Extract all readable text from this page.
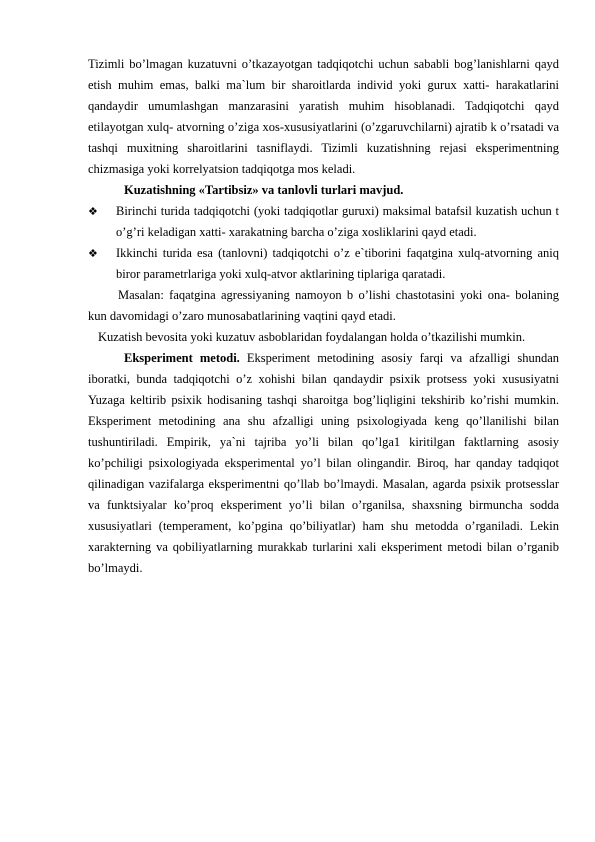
Tizimli bo’lmagan kuzatuvni o’tkazayotgan tadqiqotchi uchun sababli bog’lanishlarni qayd etish muhim emas, balki ma`lum bir sharoitlarda individ yoki gurux xatti- harakatlarini qandaydir umumlashgan manzarasini yaratish muhim hisoblanadi. Tadqiqotchi qayd etilayotgan xulq- atvorning o’ziga xos-xususiyatlarini (o’zgaruvchilarni) ajratib k o’rsatadi va tashqi muxitning sharoitlarini tasniflaydi. Tizimli kuzatishning rejasi eksperimentning chizmasiga yoki korrelyatsion tadqiqotga mos keladi.

Kuzatishning «Tartibsiz» va tanlovli turlari mavjud.

❖ Birinchi turida tadqiqotchi (yoki tadqiqotlar guruxi) maksimal batafsil kuzatish uchun t o’g’ri keladigan xatti- xarakatning barcha o’ziga xosliklarini qayd etadi.
❖ Ikkinchi turida esa (tanlovni) tadqiqotchi o’z e`tiborini faqatgina xulq-atvorning aniq biror parametrlariga yoki xulq-atvor aktlarining tiplariga qaratadi.

Masalan: faqatgina agressiyaning namoyon b o’lishi chastotasini yoki ona- bolaning kun davomidagi o’zaro munosabatlarining vaqtini qayd etadi.

Kuzatish bevosita yoki kuzatuv asboblaridan foydalangan holda o’tkazilishi mumkin.

Eksperiment metodi. Eksperiment metodining asosiy farqi va afzalligi shundan iboratki, bunda tadqiqotchi o’z xohishi bilan qandaydir psixik protsess yoki xususiyatni Yuzaga keltirib psixik hodisaning tashqi sharoitga bog’liqligini tekshirib ko’rishi mumkin. Eksperiment metodining ana shu afzalligi uning psixologiyada keng qo’llanilishi bilan tushuntiriladi. Empirik, ya`ni tajriba yo’li bilan qo’lga1 kiritilgan faktlarning asosiy ko’pchiligi psixologiyada eksperimental yo’l bilan olingandir. Biroq, har qanday tadqiqot qilinadigan vazifalarga eksperimentni qo’llab bo’lmaydi. Masalan, agarda psixik protsesslar va funktsiyalar ko’proq eksperiment yo’li bilan o’rganilsa, shaxsning birmuncha sodda xususiyatlari (temperament, ko’pgina qo’biliyatlar) ham shu metodda o’rganiladi. Lekin xarakterning va qobiliyatlarning murakkab turlarini xali eksperiment metodi bilan o’rganib bo’lmaydi.
